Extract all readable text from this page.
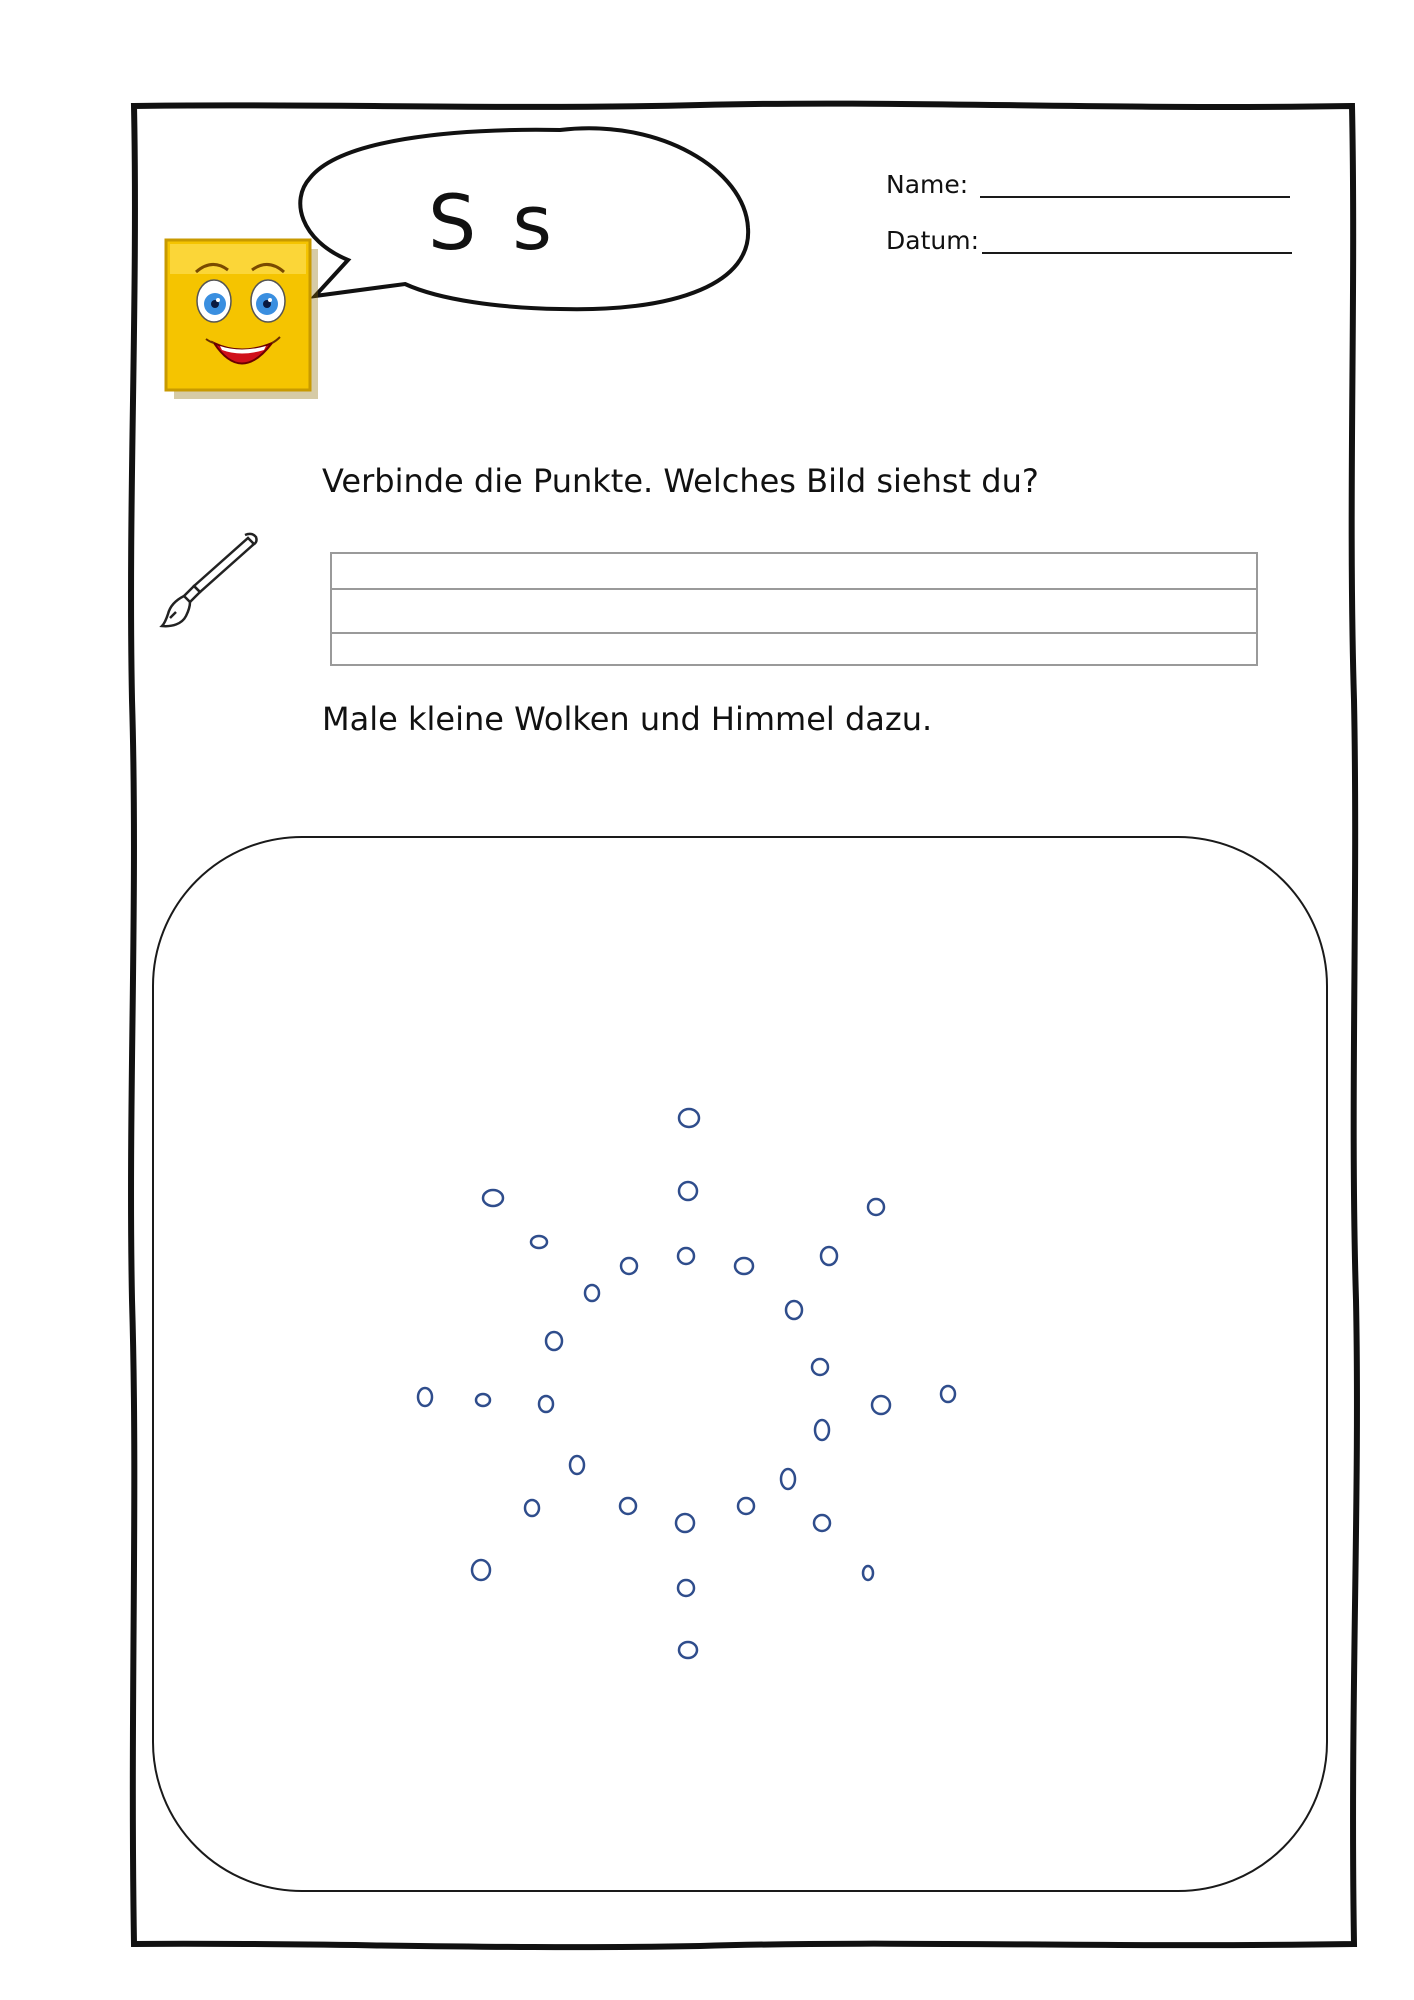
S s	Name:
Datum:
Verbinde die Punkte. Welches Bild siehst du?
Male kleine Wolken und Himmel dazu.
